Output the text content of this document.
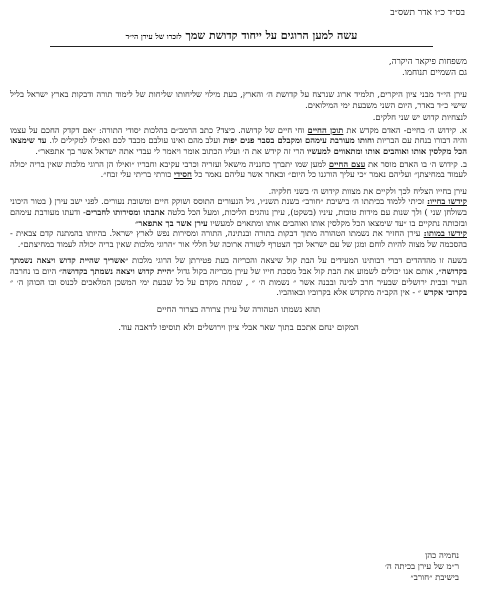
בס״ד כ״ו אדר תשס״ב
עשה למען הרוגים על ייחוד קדושת שמך לזכרו של עירן הי״ד

משפחות פיקאר היקרה,

גם השמיים תנוחמו.

עירן הי״ד מבני ציון היקרים, תלמיד ארוג שנרצח על קדושת ה׳ והארץ, בעת מילוי שליחותו שליחות של לימוד תורה ודבקות בארץ ישראל בליל שישי כ״ד באדר, היום השני משבעת ימי המילואים.

לנצחיות קדוש יש שני חלקים.

א. קידוש ה׳ בחיים- האדם מקדש את תוכן החיים וחי חיים של קדושה. כיצד? כתב הרמב״ם בהלכות יסודי התורה: ״אם דקדק החכם על עצמו והיה דבורו בנחת עם הבריות וחותו מעורבת עימהם ומקבלם בסבר פנים יפות ועלב מהם ואינו עולבם מכבד לכם ואפילו למקילים לו. עד שימצאו הכל מקלסין אותו ואוהבים אותו ומתאווים למעשיו הרי זה קידש את ה׳ ועליו הכתוב אומר ויאמר לי עבדי אתה ישראל אשר בך אתפאר״.

ב. קידוש ה׳ בו האדם מוסר את עצם החיים למען שמו יתברך כחנניה מישאל ועזריה וכרבי עקיבא וחבריו ״ואילו הן הרוגי מלכות שאין בריה יכולה לעמוד במחיצתן״ ועליהם נאמר ״כי עליך הורגנו כל היום״ ובאחר אשר עליהם נאמר כל חסידי כורתי בריתי עלי זבח״.

עירן בחייו הצליח לכך ולקיים את מצוות קידוש ה׳ בשני חלקיה.

קידשו בחייו: זכיתי ללמוד בכיתתו ה׳ בישיבת ״חורב״ בשנת תשנ״ו, גיל הנעורים התוסס ושוקק חיים ומשובת נעורים. לפני ישב עירן ( בטור היכוני בשולחן שני ) ולך שנות עם מידות טובות, עיניו (בשקט), עירן נוהגים הליכות, ומעל הכל בלטה אהבתו ומסירותו לחברים- ודעתו מעורבת עימהם ובזכותה נתקיים בו ״עד שימצאו הכל מקלסין אותו ואוהבים אותו ומתאוים למעשיו עירן אשר בך אתפאר״

קידשו במותו: עירן החזיר את נשמתו הטהורה מתוך דבקות בתורה ובנתינה, התורה ומסירות נפש לארץ ישראל. בהיותו בהמתנה קדם צבאית - בהסכמה של מצוה להיות לוחם ומגן של עם ישראל וכך הצטרף לשורה ארוכה של חללי אור ״הרוגי מלכות שאין בריה יכולה לעמוד במחיצתם״.

בשעה זו מהדהדים דברי רבותינו המעידים על הבת קול שיצאה והכריזה בעת פטירתן של הרוגי מלכות ״אשריך שהיית קדוש ויצאה נשמתך בקדושה״, אותם אנו יכולים לשמוע את הבת קול אבל מסכת חייו של עירן מכריזה בקול גדול ״היית קדוש ויצאה נשמתך בקדושה״ היום בו נחרבה העיר ובבית ירושלים שבעיר חרב לבינה ובבנה אשר ״ נשמות ה׳ ״ , שמתה מקדם על כל שבעת ימי המשכן המלאכים לכנוס ובו הכוהן ה׳ ״ בקרובי אקדש ״ - אין הקב״ה מתקדש אלא בקרוביו ובאוהביו.

תהא נשמתו הטהורה של עירן צרורה בצרור החיים

המקום ינחם אתכם בתוך שאר אבלי ציון וירושלים ולא תוסיפו לדאבה עוד.

נחמיה כהן

ר״מ של עירן בכיתה ה׳

בישיבת ״חורב״
